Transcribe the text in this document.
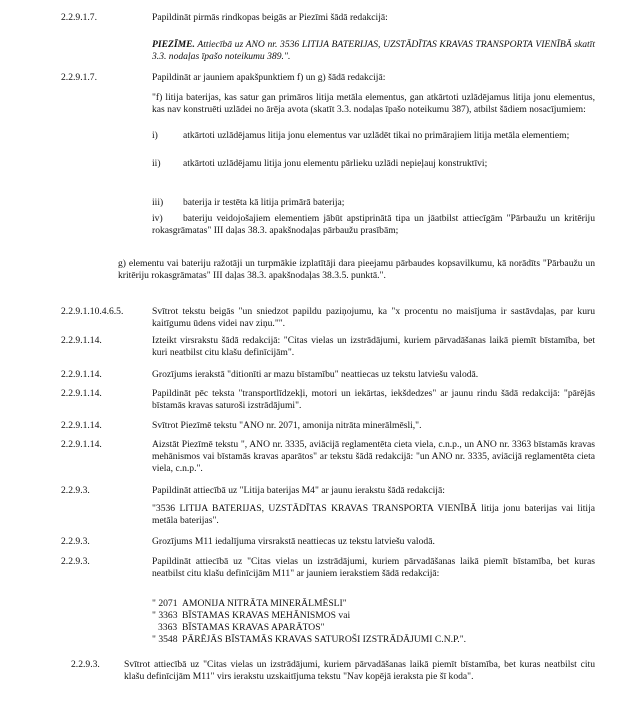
2.2.9.1.7.	Papildināt pirmās rindkopas beigās ar Piezīmi šādā redakcijā:
PIEZĪME. Attiecībā uz ANO nr. 3536 LITIJA BATERIJAS, UZSTĀDĪTAS KRAVAS TRANSPORTA VIENĪBĀ skatīt 3.3. nodaļas īpašo noteikumu 389.".
2.2.9.1.7.	Papildināt ar jauniem apakšpunktiem f) un g) šādā redakcijā:
"f) litija baterijas, kas satur gan primāros litija metāla elementus, gan atkārtoti uzlādējamus litija jonu elementus, kas nav konstruēti uzlādei no ārēja avota (skatīt 3.3. nodaļas īpašo noteikumu 387), atbilst šādiem nosacījumiem:
i)	atkārtoti uzlādējamus litija jonu elementus var uzlādēt tikai no primārajiem litija metāla elementiem;
ii) atkārtoti uzlādējamu litija jonu elementu pārlieku uzlādi nepieļauj konstruktīvi;
iii) baterija ir testēta kā litija primārā baterija;
iv) bateriju veidojošajiem elementiem jābūt apstiprinātā tipa un jāatbilst attiecīgām "Pārbaužu un kritēriju rokasgrāmatas" III daļas 38.3. apakšnodaļas pārbaužu prasībām;
g) elementu vai bateriju ražotāji un turpmākie izplatītāji dara pieejamu pārbaudes kopsavilkumu, kā norādīts "Pārbaužu un kritēriju rokasgrāmatas" III daļas 38.3. apakšnodaļas 38.3.5. punktā.".
2.2.9.1.10.4.6.5.	Svītrot tekstu beigās "un sniedzot papildu paziņojumu, ka "x procentu no maisījuma ir sastāvdaļas, par kuru kaitīgumu ūdens videi nav ziņu."".
2.2.9.1.14.	Izteikt virsrakstu šādā redakcijā: "Citas vielas un izstrādājumi, kuriem pārvadāšanas laikā piemīt bīstamība, bet kuri neatbilst citu klašu definīcijām".
2.2.9.1.14.	Grozījums ierakstā "ditionīti ar mazu bīstamību" neattiecas uz tekstu latviešu valodā.
2.2.9.1.14.	Papildināt pēc teksta "transportlīdzekļi, motori un iekārtas, iekšdedzes" ar jaunu rindu šādā redakcijā: "pārējās bīstamās kravas saturoši izstrādājumi".
2.2.9.1.14.	Svītrot Piezīmē tekstu "ANO nr. 2071, amonija nitrāta minerālmēsli,".
2.2.9.1.14.	Aizstāt Piezīmē tekstu ", ANO nr. 3335, aviācijā reglamentēta cieta viela, c.n.p., un ANO nr. 3363 bīstamās kravas mehānismos vai bīstamās kravas aparātos" ar tekstu šādā redakcijā: "un ANO nr. 3335, aviācijā reglamentēta cieta viela, c.n.p.".
2.2.9.3.	Papildināt attiecībā uz "Litija baterijas M4" ar jaunu ierakstu šādā redakcijā:
"3536 LITIJA BATERIJAS, UZSTĀDĪTAS KRAVAS TRANSPORTA VIENĪBĀ litija jonu baterijas vai litija metāla baterijas".
2.2.9.3.	Grozījums M11 iedalījuma virsrakstā neattiecas uz tekstu latviešu valodā.
2.2.9.3.	Papildināt attiecībā uz "Citas vielas un izstrādājumi, kuriem pārvadāšanas laikā piemīt bīstamība, bet kuras neatbilst citu klašu definīcijām M11" ar jauniem ierakstiem šādā redakcijā:
" 2071 AMONIJA NITRĀTA MINERĀLMĒSLI"
" 3363 BĪSTAMAS KRAVAS MEHĀNISMOS vai
3363 BĪSTAMAS KRAVAS APARĀTOS"
" 3548 PĀRĒJĀS BĪSTAMĀS KRAVAS SATUROŠI IZSTRĀDĀJUMI C.N.P.".
2.2.9.3.	Svītrot attiecībā uz "Citas vielas un izstrādājumi, kuriem pārvadāšanas laikā piemīt bīstamība, bet kuras neatbilst citu klašu definīcijām M11" virs ierakstu uzskaitījuma tekstu "Nav kopējā ieraksta pie šī koda".
